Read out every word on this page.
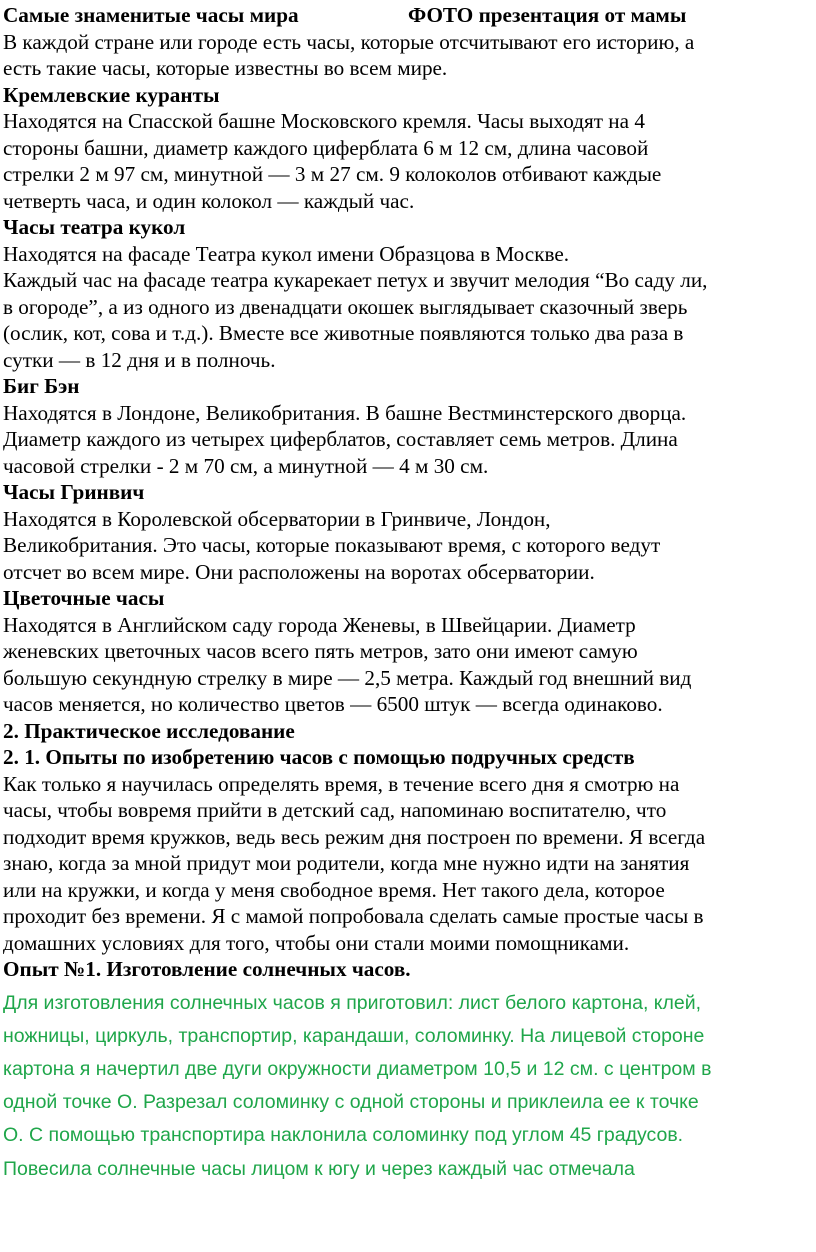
Самые знаменитые часы мира	ФОТО презентация от мамы
В каждой стране или городе есть часы, которые отсчитывают его историю, а
есть такие часы, которые известны во всем мире.
Кремлевские куранты
Находятся на Спасской башне Московского кремля. Часы выходят на 4
стороны башни, диаметр каждого циферблата 6 м 12 см, длина часовой
стрелки 2 м 97 см, минутной — 3 м 27 см. 9 колоколов отбивают каждые
четверть часа, и один колокол — каждый час.
Часы театра кукол
Находятся на фасаде Театра кукол имени Образцова в Москве.
Каждый час на фасаде театра кукарекает петух и звучит мелодия “Во саду ли,
в огороде”, а из одного из двенадцати окошек выглядывает сказочный зверь
(ослик, кот, сова и т.д.). Вместе все животные появляются только два раза в
сутки — в 12 дня и в полночь.
Биг Бэн
Находятся в Лондоне, Великобритания. В башне Вестминстерского дворца.
Диаметр каждого из четырех циферблатов, составляет семь метров. Длина
часовой стрелки - 2 м 70 см, а минутной — 4 м 30 см.
Часы Гринвич
Находятся в Королевской обсерватории в Гринвиче, Лондон,
Великобритания. Это часы, которые показывают время, с которого ведут
отсчет во всем мире. Они расположены на воротах обсерватории.
Цветочные часы
Находятся в Английском саду города Женевы, в Швейцарии. Диаметр
женевских цветочных часов всего пять метров, зато они имеют самую
большую секундную стрелку в мире — 2,5 метра. Каждый год внешний вид
часов меняется, но количество цветов — 6500 штук — всегда одинаково.
2. Практическое исследование
2. 1. Опыты по изобретению часов с помощью подручных средств
Как только я научилась определять время, в течение всего дня я смотрю на
часы, чтобы вовремя прийти в детский сад, напоминаю воспитателю, что
подходит время кружков, ведь весь режим дня построен по времени. Я всегда
знаю, когда за мной придут мои родители, когда мне нужно идти на занятия
или на кружки, и когда у меня свободное время. Нет такого дела, которое
проходит без времени. Я с мамой попробовала сделать самые простые часы в
домашних условиях для того, чтобы они стали моими помощниками.
Опыт №1. Изготовление солнечных часов.
Для изготовления солнечных часов я приготовил: лист белого картона, клей,
ножницы, циркуль, транспортир, карандаши, соломинку. На лицевой стороне
картона я начертил две дуги окружности диаметром 10,5 и 12 см. с центром в
одной точке О. Разрезал соломинку с одной стороны и приклеила ее к точке
О. С помощью транспортира наклонила соломинку под углом 45 градусов.
Повесила солнечные часы лицом к югу и через каждый час отмечала
